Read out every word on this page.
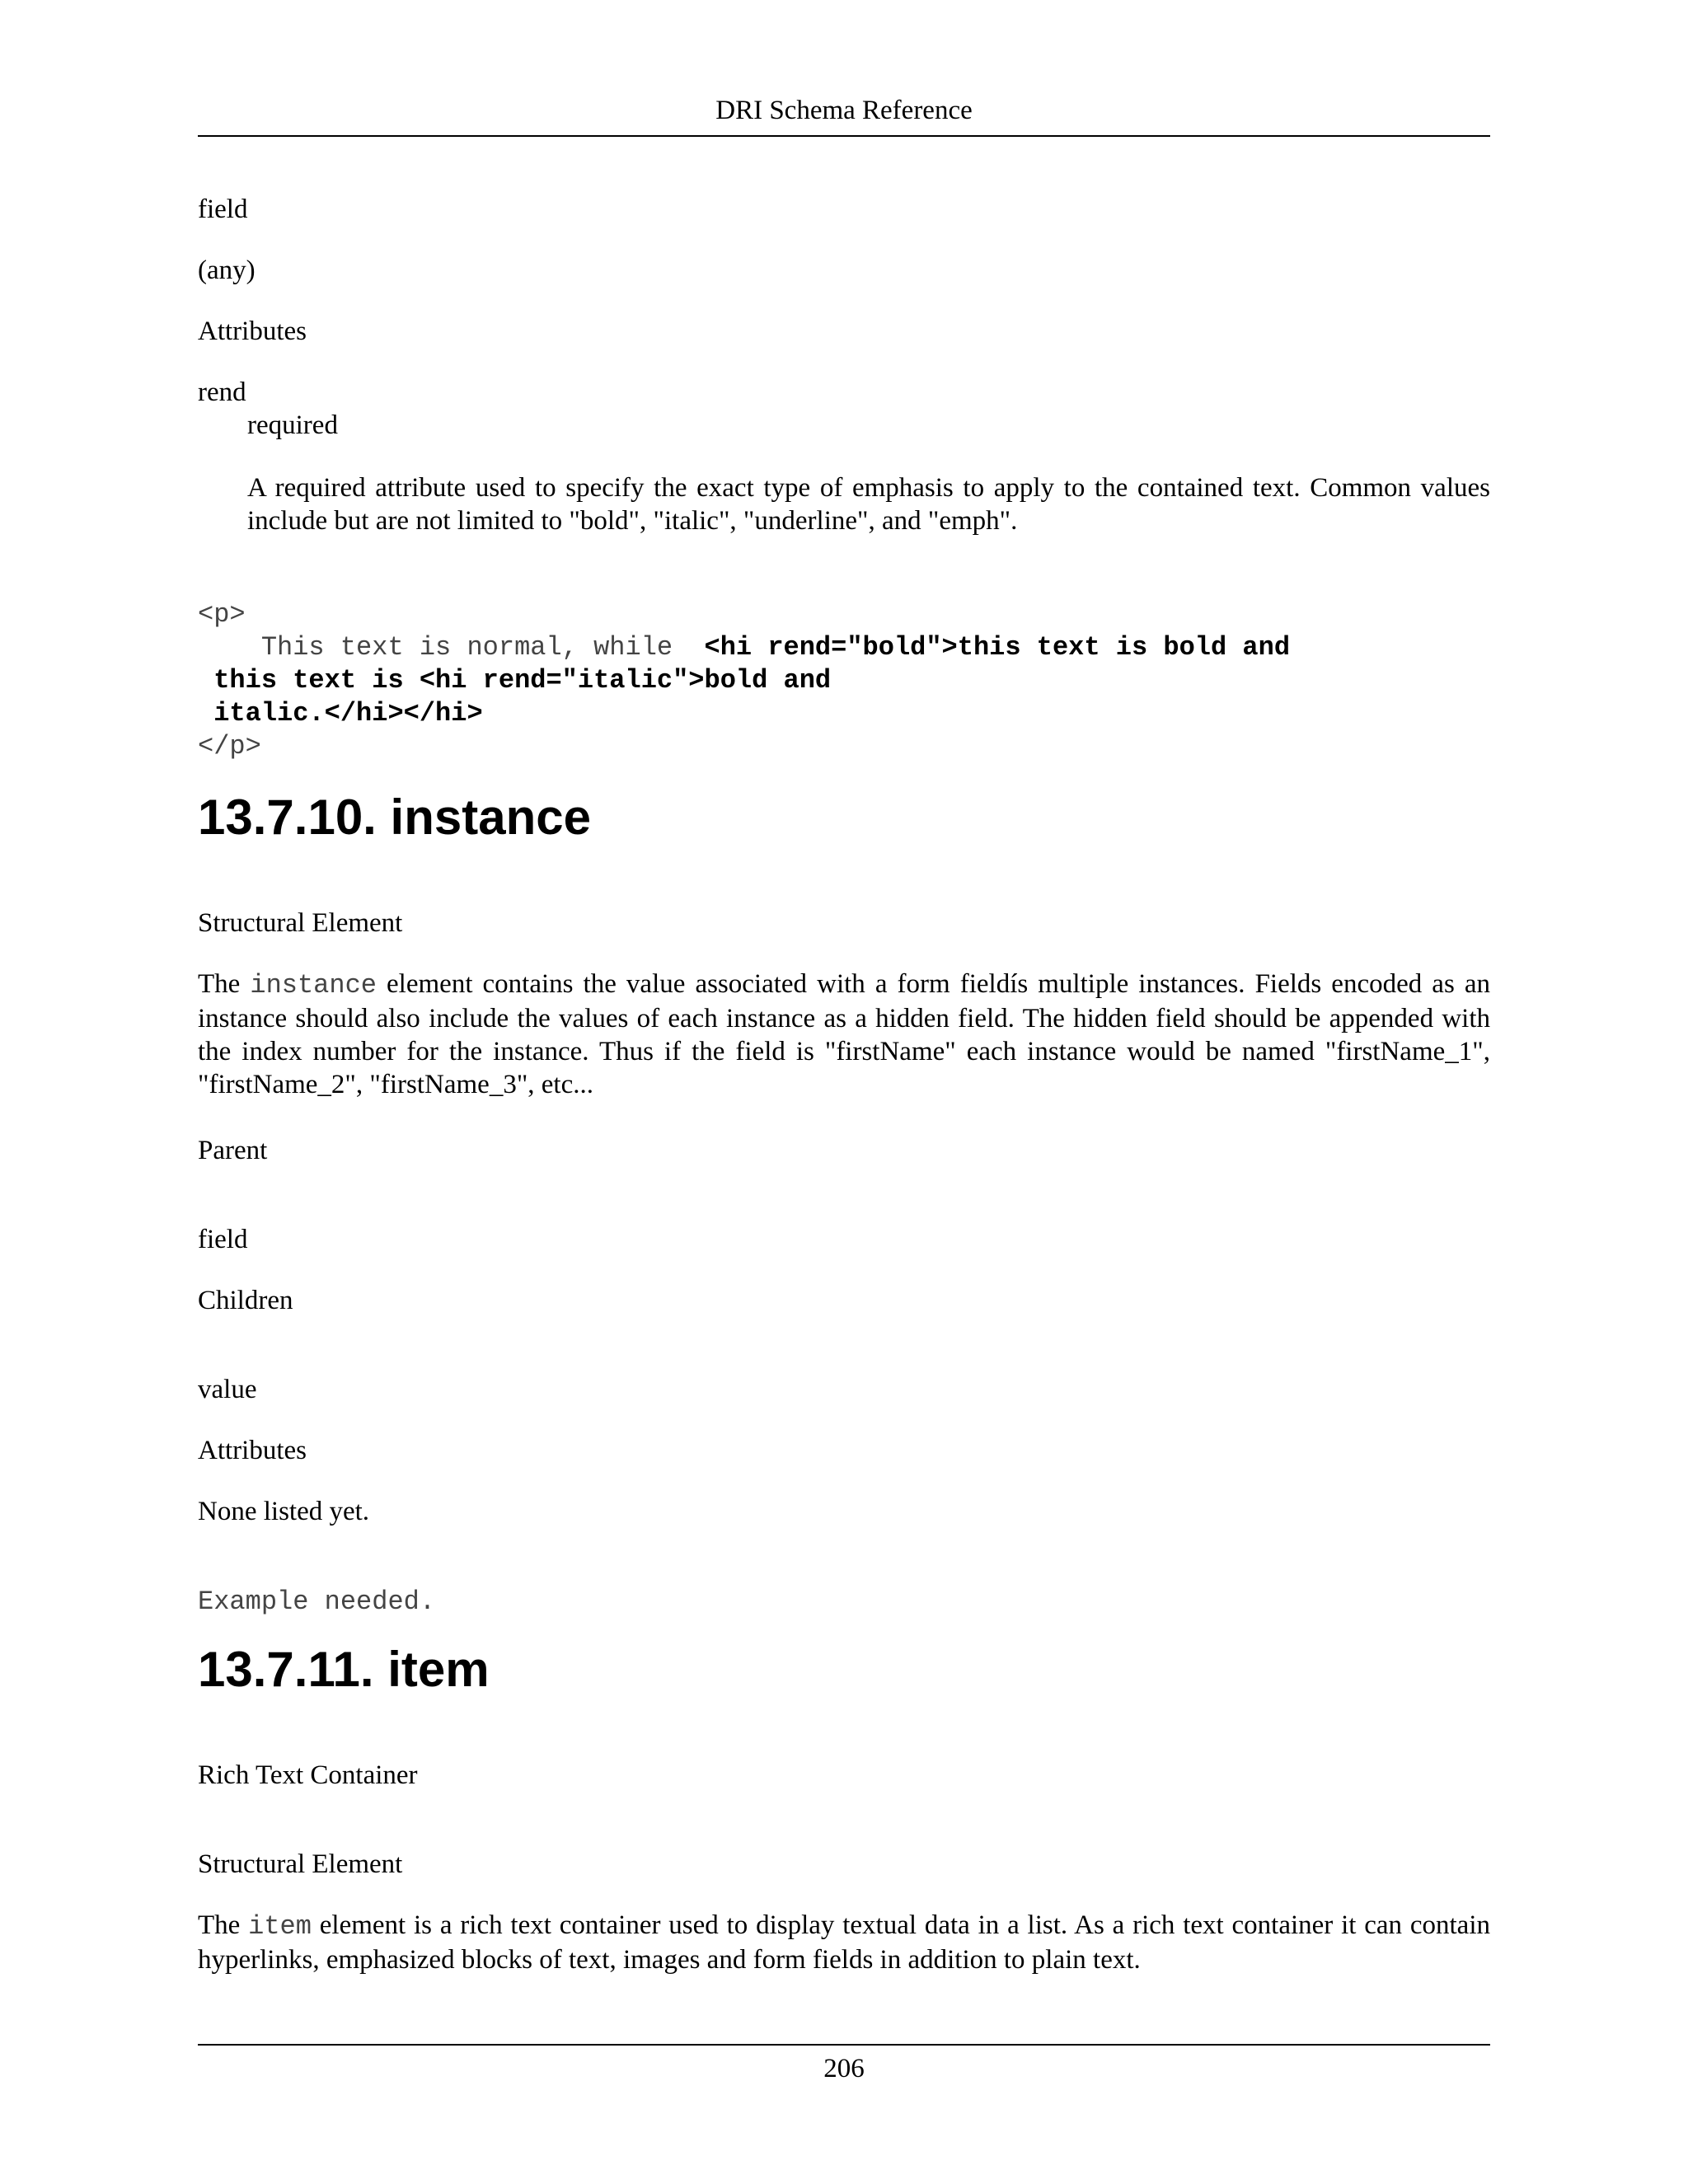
DRI Schema Reference

field

(any)

Attributes

rend

required

A required attribute used to specify the exact type of emphasis to apply to the contained text. Common values include but are not limited to "bold", "italic", "underline", and "emph".

<p>
This text is normal, while  <hi rend="bold">this text is bold and
this text is <hi rend="italic">bold and
italic.</hi></hi>
</p>
13.7.10. instance

Structural Element

The instance element contains the value associated with a form fieldís multiple instances. Fields encoded as an instance should also include the values of each instance as a hidden field. The hidden field should be appended with the index number for the instance. Thus if the field is "firstName" each instance would be named "firstName_1", "firstName_2", "firstName_3", etc...

Parent

field

Children

value

Attributes

None listed yet.

Example needed.
13.7.11. item

Rich Text Container

Structural Element

The item element is a rich text container used to display textual data in a list. As a rich text container it can contain hyperlinks, emphasized blocks of text, images and form fields in addition to plain text.

206
